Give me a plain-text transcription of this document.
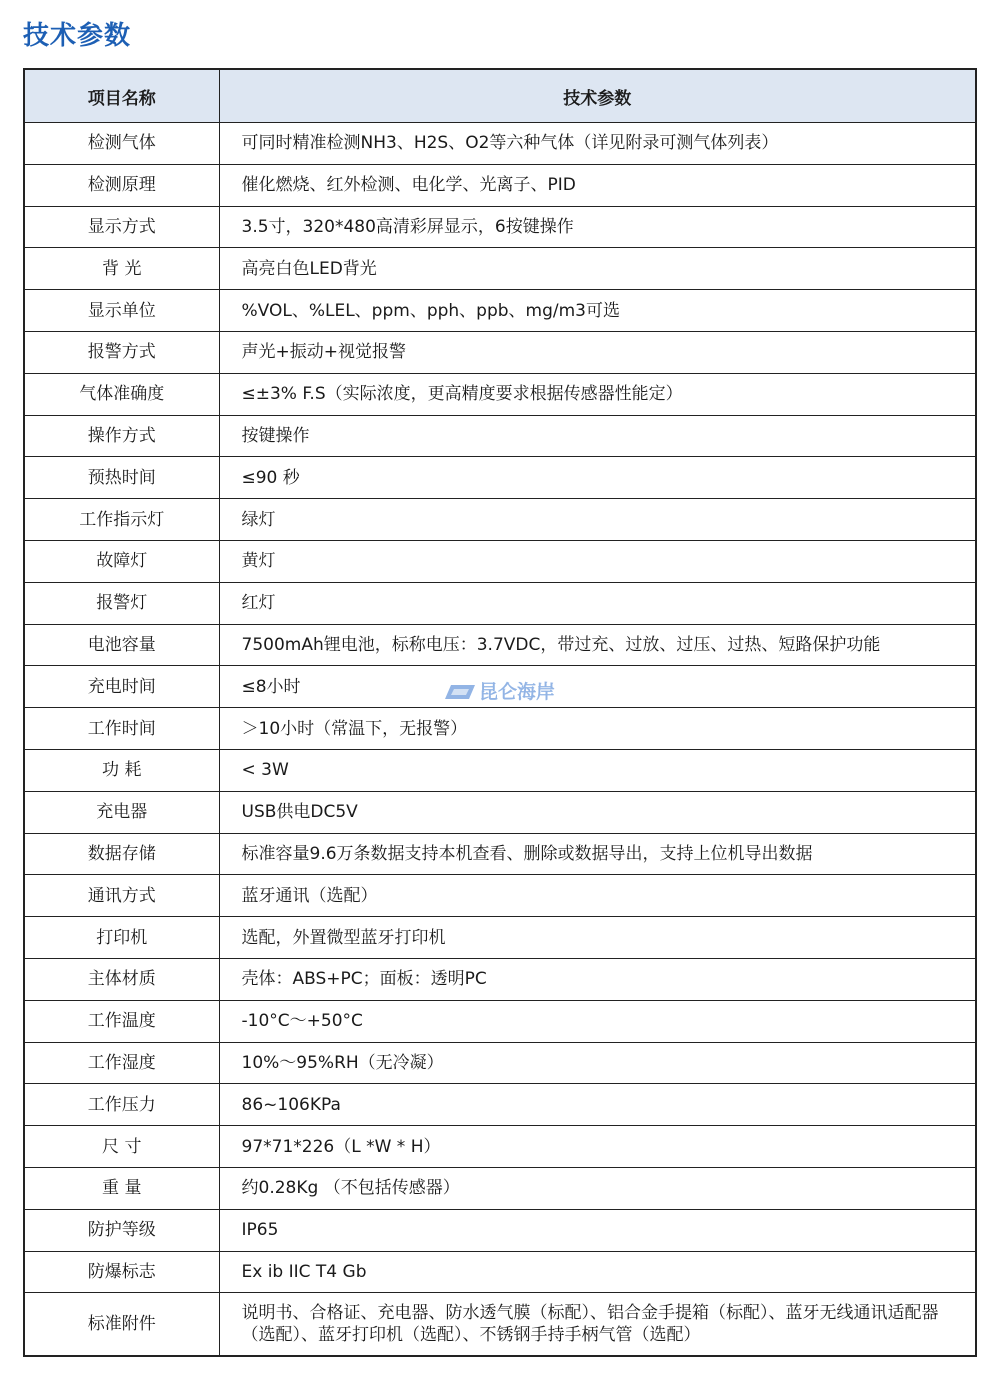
技术参数
项目名称	技术参数
检测气体	可同时精准检测NH3、H2S、O2等六种气体（详见附录可测气体列表）
检测原理	催化燃烧、红外检测、电化学、光离子、PID
显示方式	3.5寸，320*480高清彩屏显示，6按键操作
背 光	高亮白色LED背光
显示单位	%VOL、%LEL、ppm、pph、ppb、mg/m3可选
报警方式	声光+振动+视觉报警
气体准确度	≤±3% F.S（实际浓度，更高精度要求根据传感器性能定）
操作方式	按键操作
预热时间	≤90 秒
工作指示灯	绿灯
故障灯	黄灯
报警灯	红灯
电池容量	7500mAh锂电池，标称电压：3.7VDC，带过充、过放、过压、过热、短路保护功能
充电时间	≤8小时
工作时间	＞10小时（常温下，无报警）
功 耗	< 3W
充电器	USB供电DC5V
数据存储	标准容量9.6万条数据支持本机查看、删除或数据导出，支持上位机导出数据
通讯方式	蓝牙通讯（选配）
打印机	选配，外置微型蓝牙打印机
主体材质	壳体：ABS+PC；面板：透明PC
工作温度	-10°C～+50°C
工作湿度	10%～95%RH（无冷凝）
工作压力	86~106KPa
尺 寸	97*71*226（L *W * H）
重 量	约0.28Kg （不包括传感器）
防护等级	IP65
防爆标志	Ex ib IIC T4 Gb
标准附件	说明书、合格证、充电器、防水透气膜（标配）、铝合金手提箱（标配）、蓝牙无线通讯适配器（选配）、蓝牙打印机（选配）、不锈钢手持手柄气管（选配）
昆仑海岸
